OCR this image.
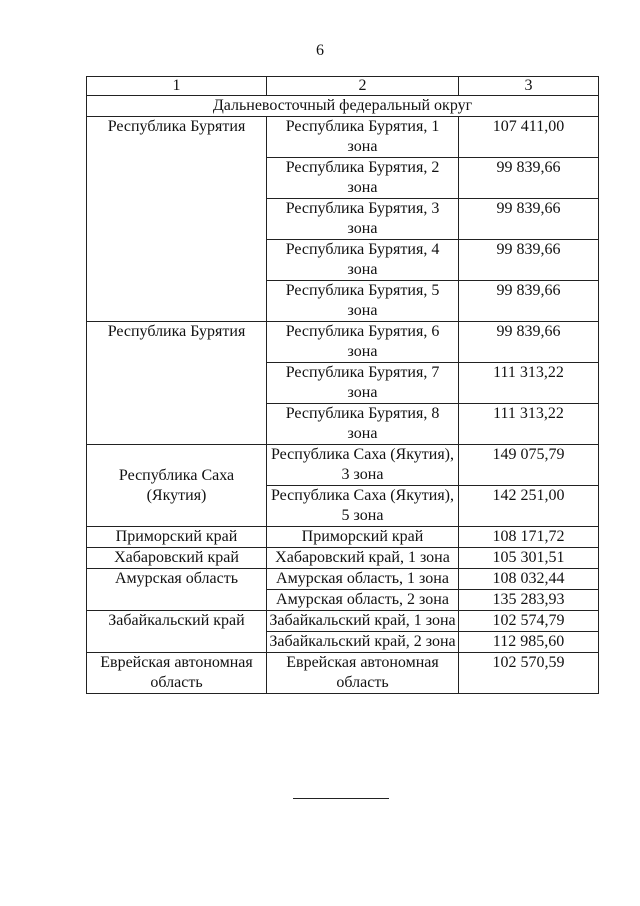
6
1	2	3
Дальневосточный федеральный округ		
Республика Бурятия	Республика Бурятия, 1 зона	107 411,00
	Республика Бурятия, 2 зона	99 839,66
	Республика Бурятия, 3 зона	99 839,66
	Республика Бурятия, 4 зона	99 839,66
	Республика Бурятия, 5 зона	99 839,66
Республика Бурятия	Республика Бурятия, 6 зона	99 839,66
	Республика Бурятия, 7 зона	111 313,22
	Республика Бурятия, 8 зона	111 313,22
Республика Саха (Якутия)	Республика Саха (Якутия), 3 зона	149 075,79
	Республика Саха (Якутия), 5 зона	142 251,00
Приморский край	Приморский край	108 171,72
Хабаровский край	Хабаровский край, 1 зона	105 301,51
Амурская область	Амурская область, 1 зона	108 032,44
	Амурская область, 2 зона	135 283,93
Забайкальский край	Забайкальский край, 1 зона	102 574,79
	Забайкальский край, 2 зона	112 985,60
Еврейская автономная область	Еврейская автономная область	102 570,59
